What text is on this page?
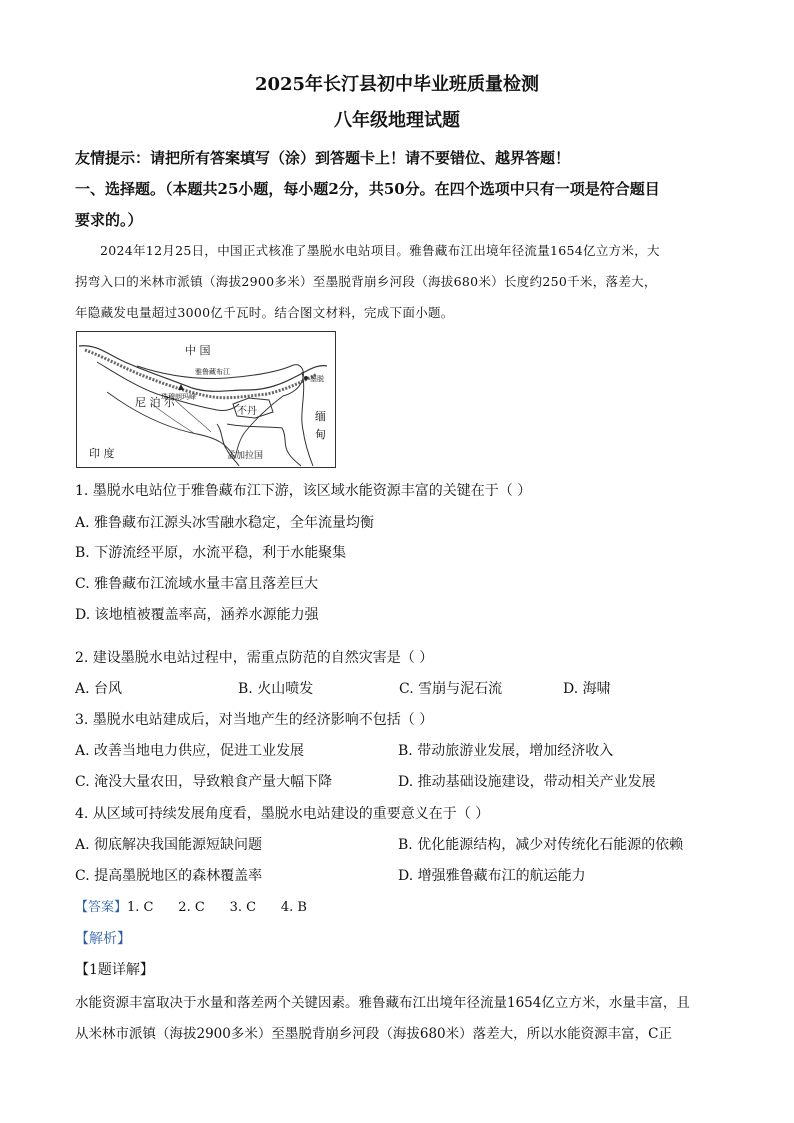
2025年长汀县初中毕业班质量检测
八年级地理试题
友情提示：请把所有答案填写（涂）到答题卡上！请不要错位、越界答题！
一、选择题。（本题共25小题，每小题2分，共50分。在四个选项中只有一项是符合题目
要求的。）
2024年12月25日，中国正式核准了墨脱水电站项目。雅鲁藏布江出境年径流量1654亿立方米，大
拐弯入口的米林市派镇（海拔2900多米）至墨脱背崩乡河段（海拔680米）长度约250千米，落差大，
年隐藏发电量超过3000亿千瓦时。结合图文材料，完成下面小题。
中 国
尼 泊 尔
不丹
印 度	孟加拉国
缅
甸
雅鲁藏布江
墨脱
珠穆朗玛峰
1. 墨脱水电站位于雅鲁藏布江下游，该区域水能资源丰富的关键在于（ ）
A. 雅鲁藏布江源头冰雪融水稳定，全年流量均衡
B. 下游流经平原，水流平稳，利于水能聚集
C. 雅鲁藏布江流域水量丰富且落差巨大
D. 该地植被覆盖率高，涵养水源能力强
2. 建设墨脱水电站过程中，需重点防范的自然灾害是（ ）
A. 台风	B. 火山喷发	C. 雪崩与泥石流	D. 海啸
3. 墨脱水电站建成后，对当地产生的经济影响不包括（ ）
A. 改善当地电力供应，促进工业发展	B. 带动旅游业发展，增加经济收入
C. 淹没大量农田，导致粮食产量大幅下降	D. 推动基础设施建设，带动相关产业发展
4. 从区域可持续发展角度看，墨脱水电站建设的重要意义在于（ ）
A. 彻底解决我国能源短缺问题	B. 优化能源结构，减少对传统化石能源的依赖
C. 提高墨脱地区的森林覆盖率	D. 增强雅鲁藏布江的航运能力
【答案】1. C      2. C      3. C      4. B
【解析】
【1题详解】
水能资源丰富取决于水量和落差两个关键因素。雅鲁藏布江出境年径流量1654亿立方米，水量丰富，且
从米林市派镇（海拔2900多米）至墨脱背崩乡河段（海拔680米）落差大，所以水能资源丰富，C正
